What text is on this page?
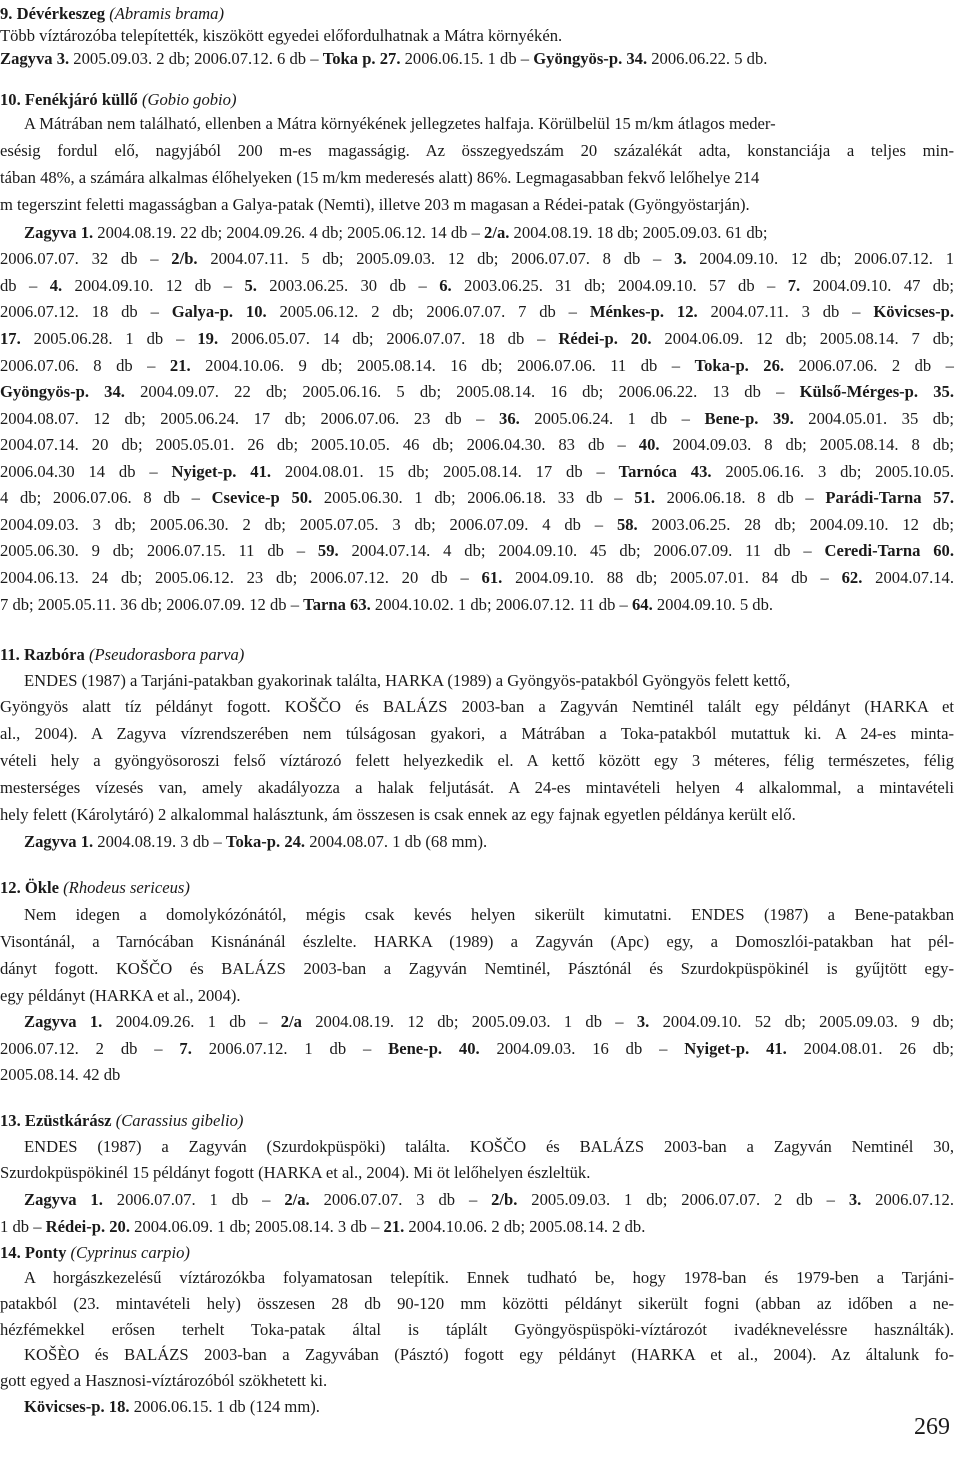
9. Dévérkeszeg (Abramis brama)
Több víztározóba telepítették, kiszökött egyedei előfordulhatnak a Mátra környékén.
Zagyva 3. 2005.09.03. 2 db; 2006.07.12. 6 db – Toka p. 27. 2006.06.15. 1 db – Gyöngyös-p. 34. 2006.06.22. 5 db.
10. Fenékjáró küllő (Gobio gobio)
A Mátrában nem található, ellenben a Mátra környékének jellegzetes halfaja. Körülbelül 15 m/km átlagos meder-
esésig fordul elő, nagyjából 200 m-es magasságig. Az összegyedszám 20 százalékát adta, konstanciája a teljes min-
tában 48%, a számára alkalmas élőhelyeken (15 m/km mederesés alatt) 86%. Legmagasabban fekvő lelőhelye 214
m tegerszint feletti magasságban a Galya-patak (Nemti), illetve 203 m magasan a Rédei-patak (Gyöngyöstarján).
Zagyva 1. 2004.08.19. 22 db; 2004.09.26. 4 db; 2005.06.12. 14 db – 2/a. 2004.08.19. 18 db; 2005.09.03. 61 db;
2006.07.07. 32 db – 2/b. 2004.07.11. 5 db; 2005.09.03. 12 db; 2006.07.07. 8 db – 3. 2004.09.10. 12 db; 2006.07.12. 1
db – 4. 2004.09.10. 12 db – 5. 2003.06.25. 30 db – 6. 2003.06.25. 31 db; 2004.09.10. 57 db – 7. 2004.09.10. 47 db;
2006.07.12. 18 db – Galya-p. 10. 2005.06.12. 2 db; 2006.07.07. 7 db – Ménkes-p. 12. 2004.07.11. 3 db – Kövicses-p.
17. 2005.06.28. 1 db – 19. 2006.05.07. 14 db; 2006.07.07. 18 db – Rédei-p. 20. 2004.06.09. 12 db; 2005.08.14. 7 db;
2006.07.06. 8 db – 21. 2004.10.06. 9 db; 2005.08.14. 16 db; 2006.07.06. 11 db – Toka-p. 26. 2006.07.06. 2 db –
Gyöngyös-p. 34. 2004.09.07. 22 db; 2005.06.16. 5 db; 2005.08.14. 16 db; 2006.06.22. 13 db – Külső-Mérges-p. 35.
2004.08.07. 12 db; 2005.06.24. 17 db; 2006.07.06. 23 db – 36. 2005.06.24. 1 db – Bene-p. 39. 2004.05.01. 35 db;
2004.07.14. 20 db; 2005.05.01. 26 db; 2005.10.05. 46 db; 2006.04.30. 83 db – 40. 2004.09.03. 8 db; 2005.08.14. 8 db;
2006.04.30 14 db – Nyiget-p. 41. 2004.08.01. 15 db; 2005.08.14. 17 db – Tarnóca 43. 2005.06.16. 3 db; 2005.10.05.
4 db; 2006.07.06. 8 db – Csevice-p 50. 2005.06.30. 1 db; 2006.06.18. 33 db – 51. 2006.06.18. 8 db – Parádi-Tarna 57.
2004.09.03. 3 db; 2005.06.30. 2 db; 2005.07.05. 3 db; 2006.07.09. 4 db – 58. 2003.06.25. 28 db; 2004.09.10. 12 db;
2005.06.30. 9 db; 2006.07.15. 11 db – 59. 2004.07.14. 4 db; 2004.09.10. 45 db; 2006.07.09. 11 db – Ceredi-Tarna 60.
2004.06.13. 24 db; 2005.06.12. 23 db; 2006.07.12. 20 db – 61. 2004.09.10. 88 db; 2005.07.01. 84 db – 62. 2004.07.14.
7 db; 2005.05.11. 36 db; 2006.07.09. 12 db – Tarna 63. 2004.10.02. 1 db; 2006.07.12. 11 db – 64. 2004.09.10. 5 db.
11. Razbóra (Pseudorasbora parva)
ENDES (1987) a Tarjáni-patakban gyakorinak találta, HARKA (1989) a Gyöngyös-patakból Gyöngyös felett kettő,
Gyöngyös alatt tíz példányt fogott. KOŠČO és BALÁZS 2003-ban a Zagyván Nemtinél talált egy példányt (HARKA et
al., 2004). A Zagyva vízrendszerében nem túlságosan gyakori, a Mátrában a Toka-patakból mutattuk ki. A 24-es minta-
vételi hely a gyöngyösoroszi felső víztározó felett helyezkedik el. A kettő között egy 3 méteres, félig természetes, félig
mesterséges vízesés van, amely akadályozza a halak feljutását. A 24-es mintavételi helyen 4 alkalommal, a mintavételi
hely felett (Károlytáró) 2 alkalommal halásztunk, ám összesen is csak ennek az egy fajnak egyetlen példánya került elő.
Zagyva 1. 2004.08.19. 3 db – Toka-p. 24. 2004.08.07. 1 db (68 mm).
12. Ökle (Rhodeus sericeus)
Nem idegen a domolykózónától, mégis csak kevés helyen sikerült kimutatni. ENDES (1987) a Bene-patakban
Visontánál, a Tarnócában Kisnánánál észlelte. HARKA (1989) a Zagyván (Apc) egy, a Domoszlói-patakban hat pél-
dányt fogott. KOŠČO és BALÁZS 2003-ban a Zagyván Nemtinél, Pásztónál és Szurdokpüspökinél is gyűjtött egy-
egy példányt (HARKA et al., 2004).
Zagyva 1. 2004.09.26. 1 db – 2/a 2004.08.19. 12 db; 2005.09.03. 1 db – 3. 2004.09.10. 52 db; 2005.09.03. 9 db;
2006.07.12. 2 db – 7. 2006.07.12. 1 db – Bene-p. 40. 2004.09.03. 16 db – Nyiget-p. 41. 2004.08.01. 26 db;
2005.08.14. 42 db
13. Ezüstkárász (Carassius gibelio)
ENDES (1987) a Zagyván (Szurdokpüspöki) találta. KOŠČO és BALÁZS 2003-ban a Zagyván Nemtinél 30,
Szurdokpüspökinél 15 példányt fogott (HARKA et al., 2004). Mi öt lelőhelyen észleltük.
Zagyva 1. 2006.07.07. 1 db – 2/a. 2006.07.07. 3 db – 2/b. 2005.09.03. 1 db; 2006.07.07. 2 db – 3. 2006.07.12.
1 db – Rédei-p. 20. 2004.06.09. 1 db; 2005.08.14. 3 db – 21. 2004.10.06. 2 db; 2005.08.14. 2 db.
14. Ponty (Cyprinus carpio)
A horgászkezelésű víztározókba folyamatosan telepítik. Ennek tudható be, hogy 1978-ban és 1979-ben a Tarjáni-
patakból (23. mintavételi hely) összesen 28 db 90-120 mm közötti példányt sikerült fogni (abban az időben a ne-
hézfémekkel erősen terhelt Toka-patak által is táplált Gyöngyöspüspöki-víztározót ivadékneveléssre használták).
KOŠÈO és BALÁZS 2003-ban a Zagyvában (Pásztó) fogott egy példányt (HARKA et al., 2004). Az általunk fo-
gott egyed a Hasznosi-víztározóból szökhetett ki.
Kövicses-p. 18. 2006.06.15. 1 db (124 mm).
269
